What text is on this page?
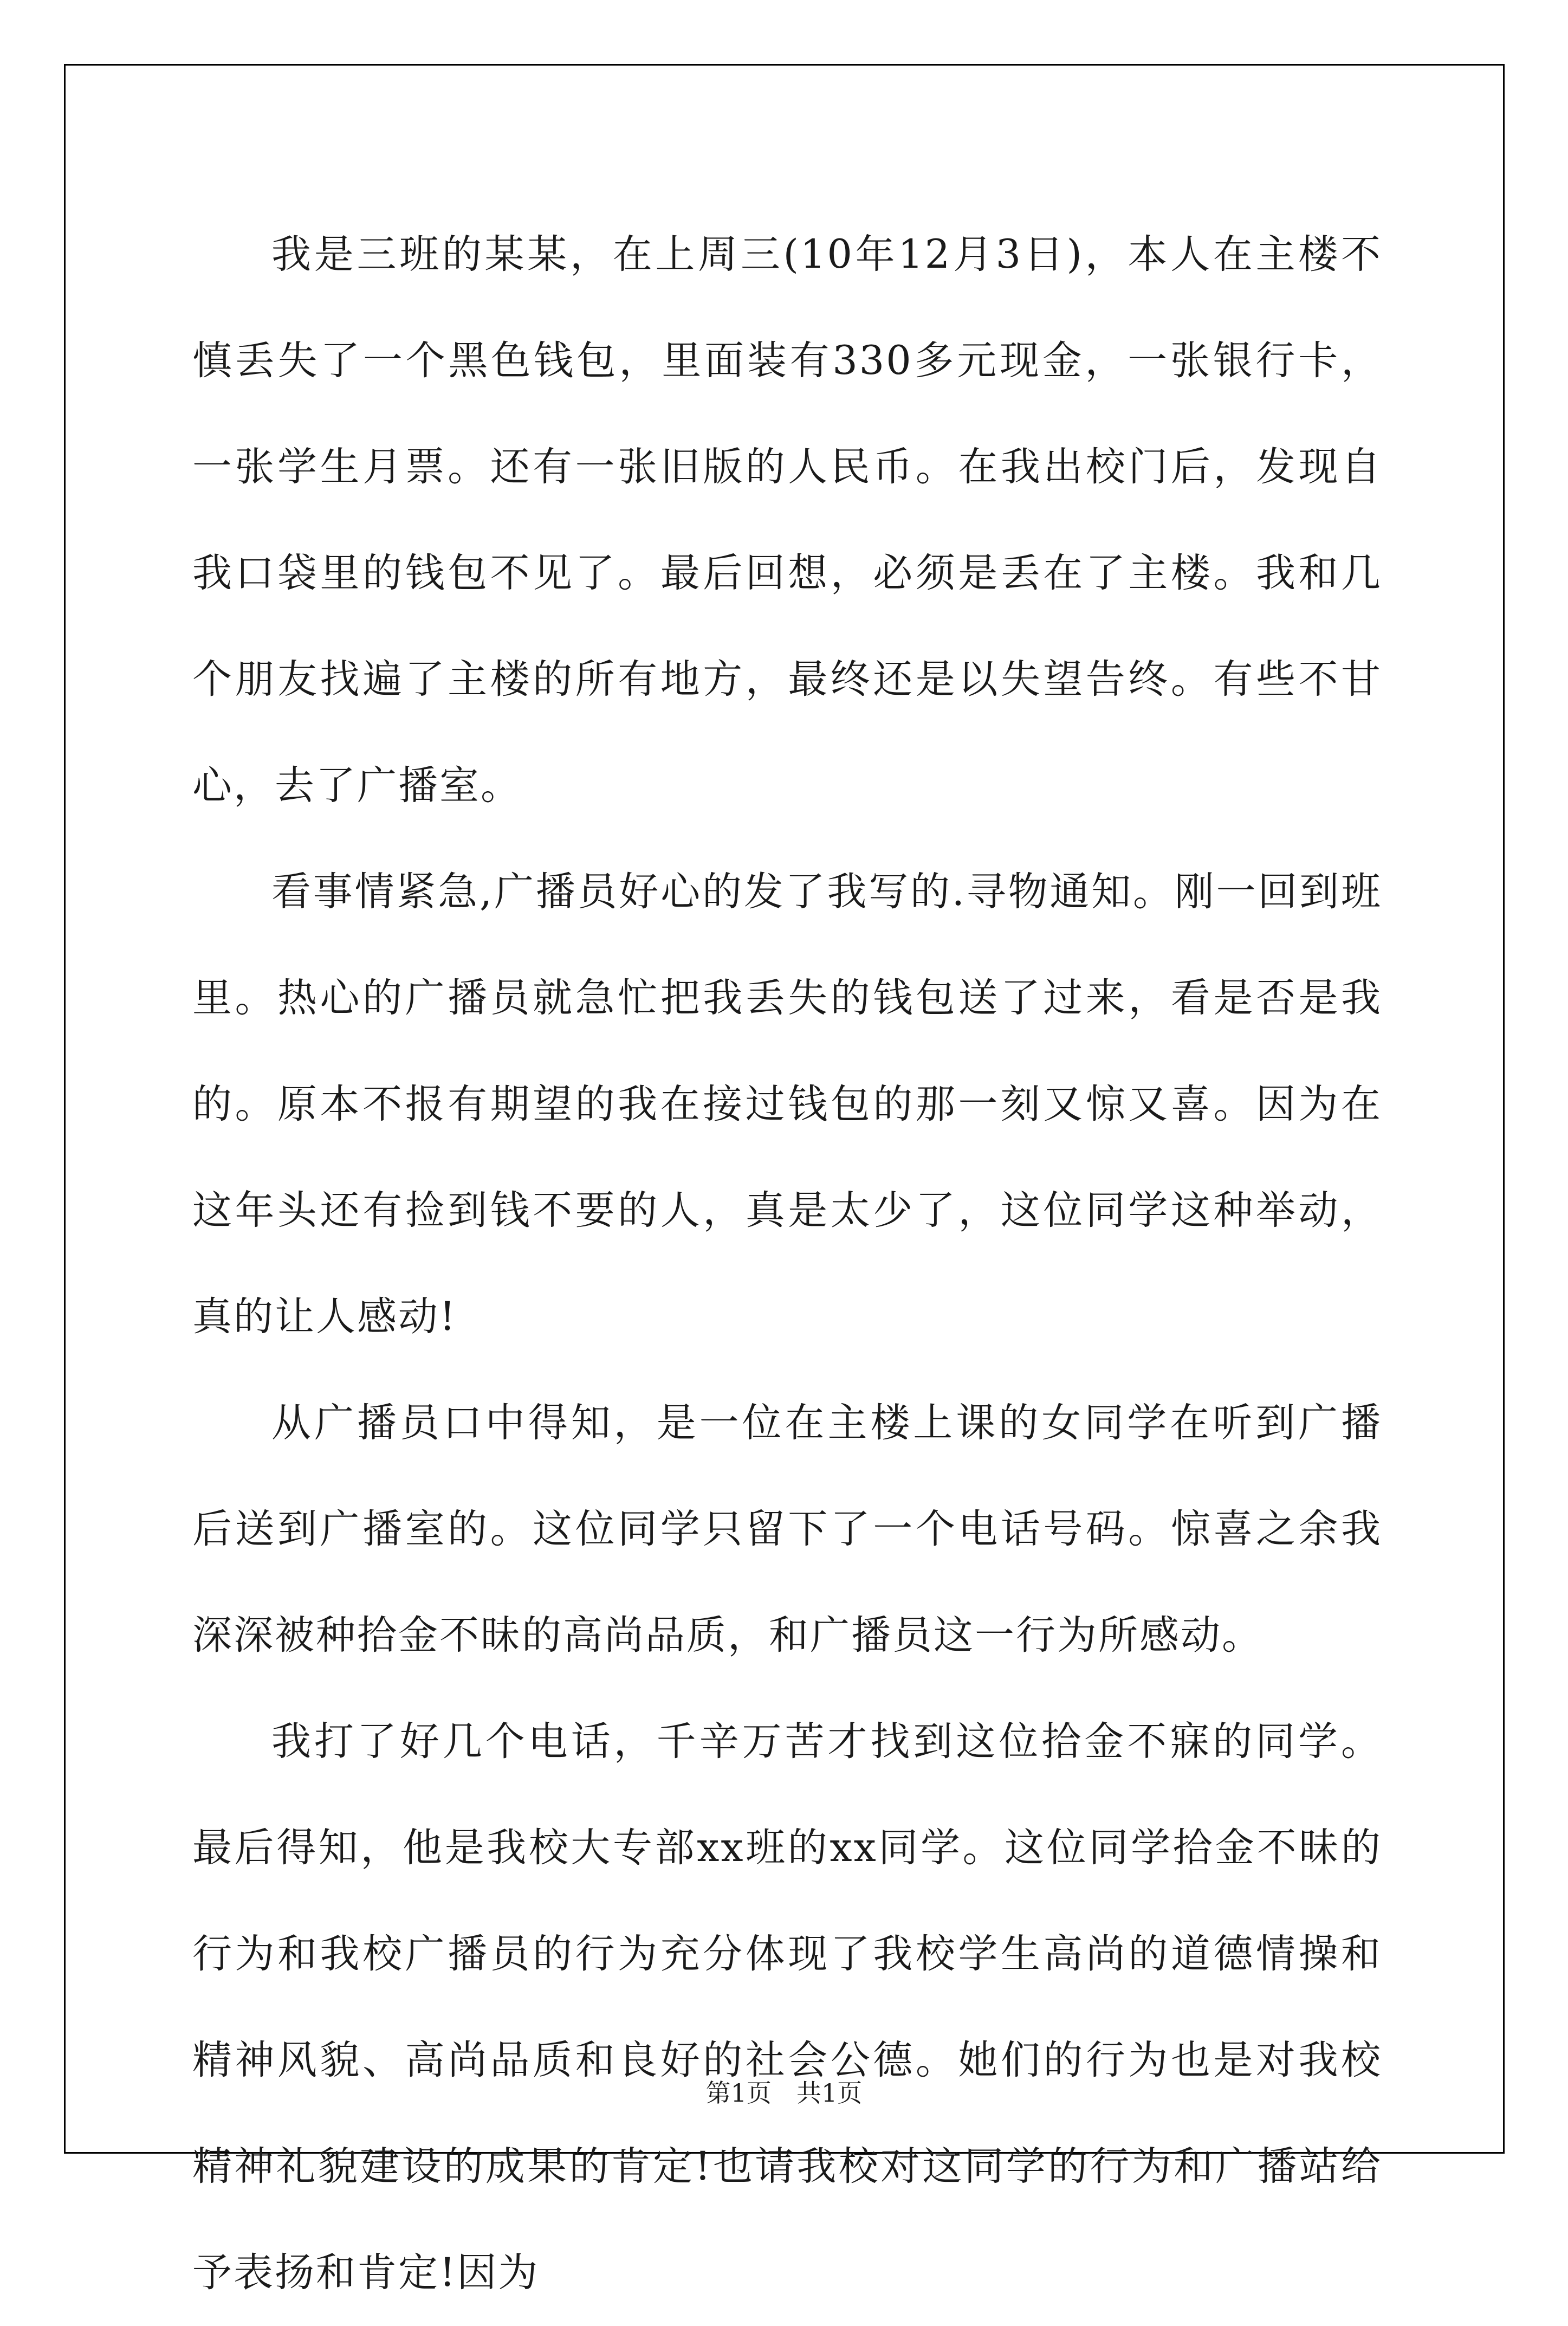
我是三班的某某，在上周三(10年12月3日)，本人在主楼不慎丢失了一个黑色钱包，里面装有330多元现金，一张银行卡，一张学生月票。还有一张旧版的人民币。在我出校门后，发现自我口袋里的钱包不见了。最后回想，必须是丢在了主楼。我和几个朋友找遍了主楼的所有地方，最终还是以失望告终。有些不甘心，去了广播室。

看事情紧急,广播员好心的发了我写的.寻物通知。刚一回到班里。热心的广播员就急忙把我丢失的钱包送了过来，看是否是我的。原本不报有期望的我在接过钱包的那一刻又惊又喜。因为在这年头还有捡到钱不要的人，真是太少了，这位同学这种举动，真的让人感动!

从广播员口中得知，是一位在主楼上课的女同学在听到广播后送到广播室的。这位同学只留下了一个电话号码。惊喜之余我深深被种拾金不昧的高尚品质，和广播员这一行为所感动。

我打了好几个电话，千辛万苦才找到这位拾金不寐的同学。最后得知，他是我校大专部xx班的xx同学。这位同学拾金不昧的行为和我校广播员的行为充分体现了我校学生高尚的道德情操和精神风貌、高尚品质和良好的社会公德。她们的行为也是对我校精神礼貌建设的成果的肯定!也请我校对这同学的行为和广播站给予表扬和肯定!因为

第1页　共1页
